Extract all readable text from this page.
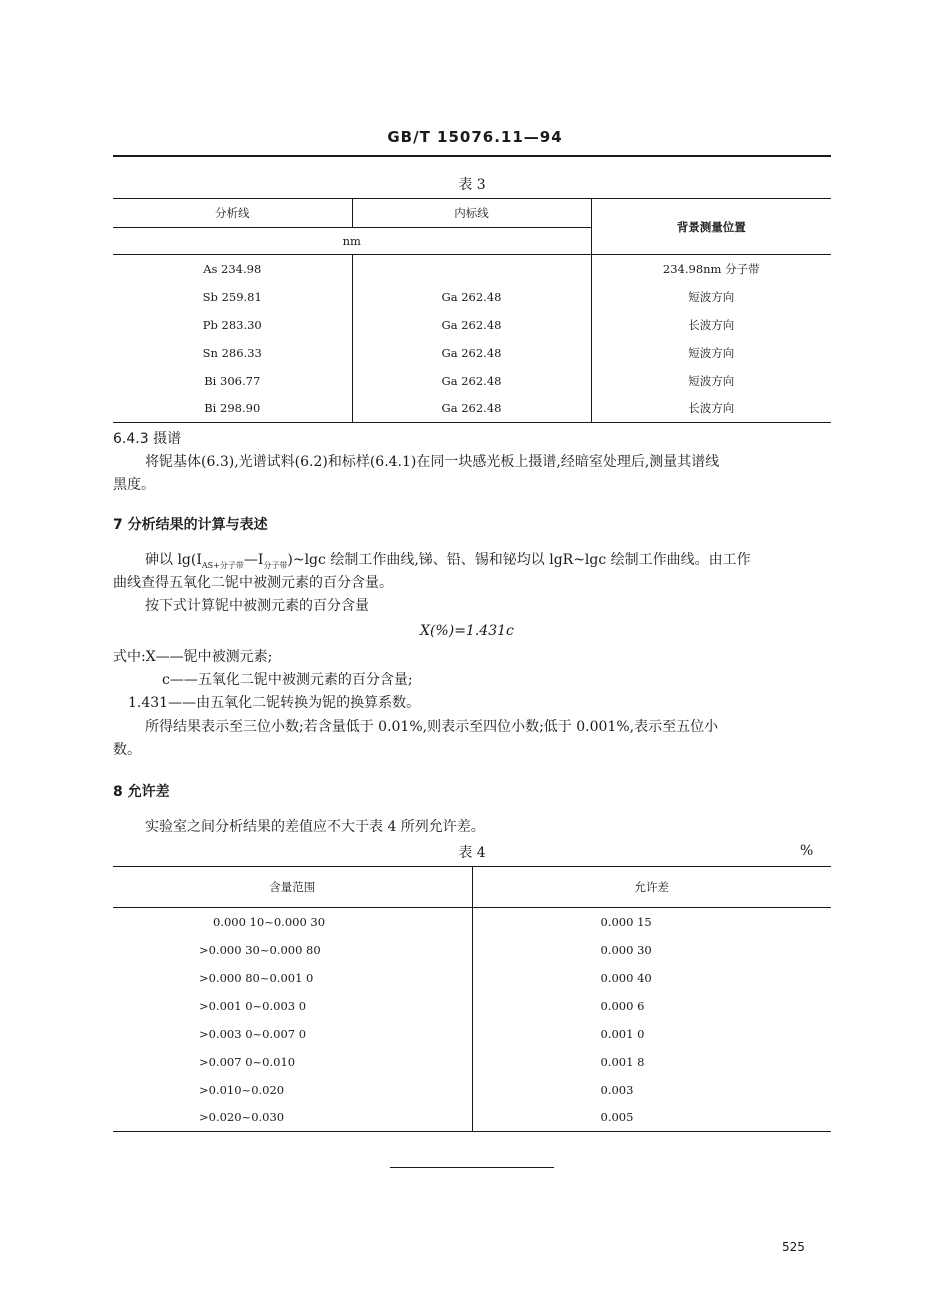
GB/T 15076.11—94
表 3
分析线	内标线	背景测量位置
nm		
As 234.98		234.98nm 分子带
Sb 259.81	Ga 262.48	短波方向
Pb 283.30	Ga 262.48	长波方向
Sn 286.33	Ga 262.48	短波方向
Bi 306.77	Ga 262.48	短波方向
Bi 298.90	Ga 262.48	长波方向
6.4.3 摄谱
将铌基体(6.3),光谱试料(6.2)和标样(6.4.1)在同一块感光板上摄谱,经暗室处理后,测量其谱线
黑度。
7 分析结果的计算与表述
砷以 $\lg(I_{AS+分子带}—I_{分子带})\sim\lg c$ 绘制工作曲线,锑、铅、锡和铋均以 lgR~lgc 绘制工作曲线。由工作
曲线查得五氧化二铌中被测元素的百分含量。
按下式计算铌中被测元素的百分含量
X(%)=1.431c
式中:X——铌中被测元素;
c——五氧化二铌中被测元素的百分含量;
1.431——由五氧化二铌转换为铌的换算系数。
所得结果表示至三位小数;若含量低于 0.01%,则表示至四位小数;低于 0.001%,表示至五位小
数。
8 允许差
实验室之间分析结果的差值应不大于表 4 所列允许差。
表 4	%
含量范围	允许差
0.000 10~0.000 30	0.000 15
>0.000 30~0.000 80	0.000 30
>0.000 80~0.001 0	0.000 40
>0.001 0~0.003 0	0.000 6
>0.003 0~0.007 0	0.001 0
>0.007 0~0.010	0.001 8
>0.010~0.020	0.003
>0.020~0.030	0.005
525
